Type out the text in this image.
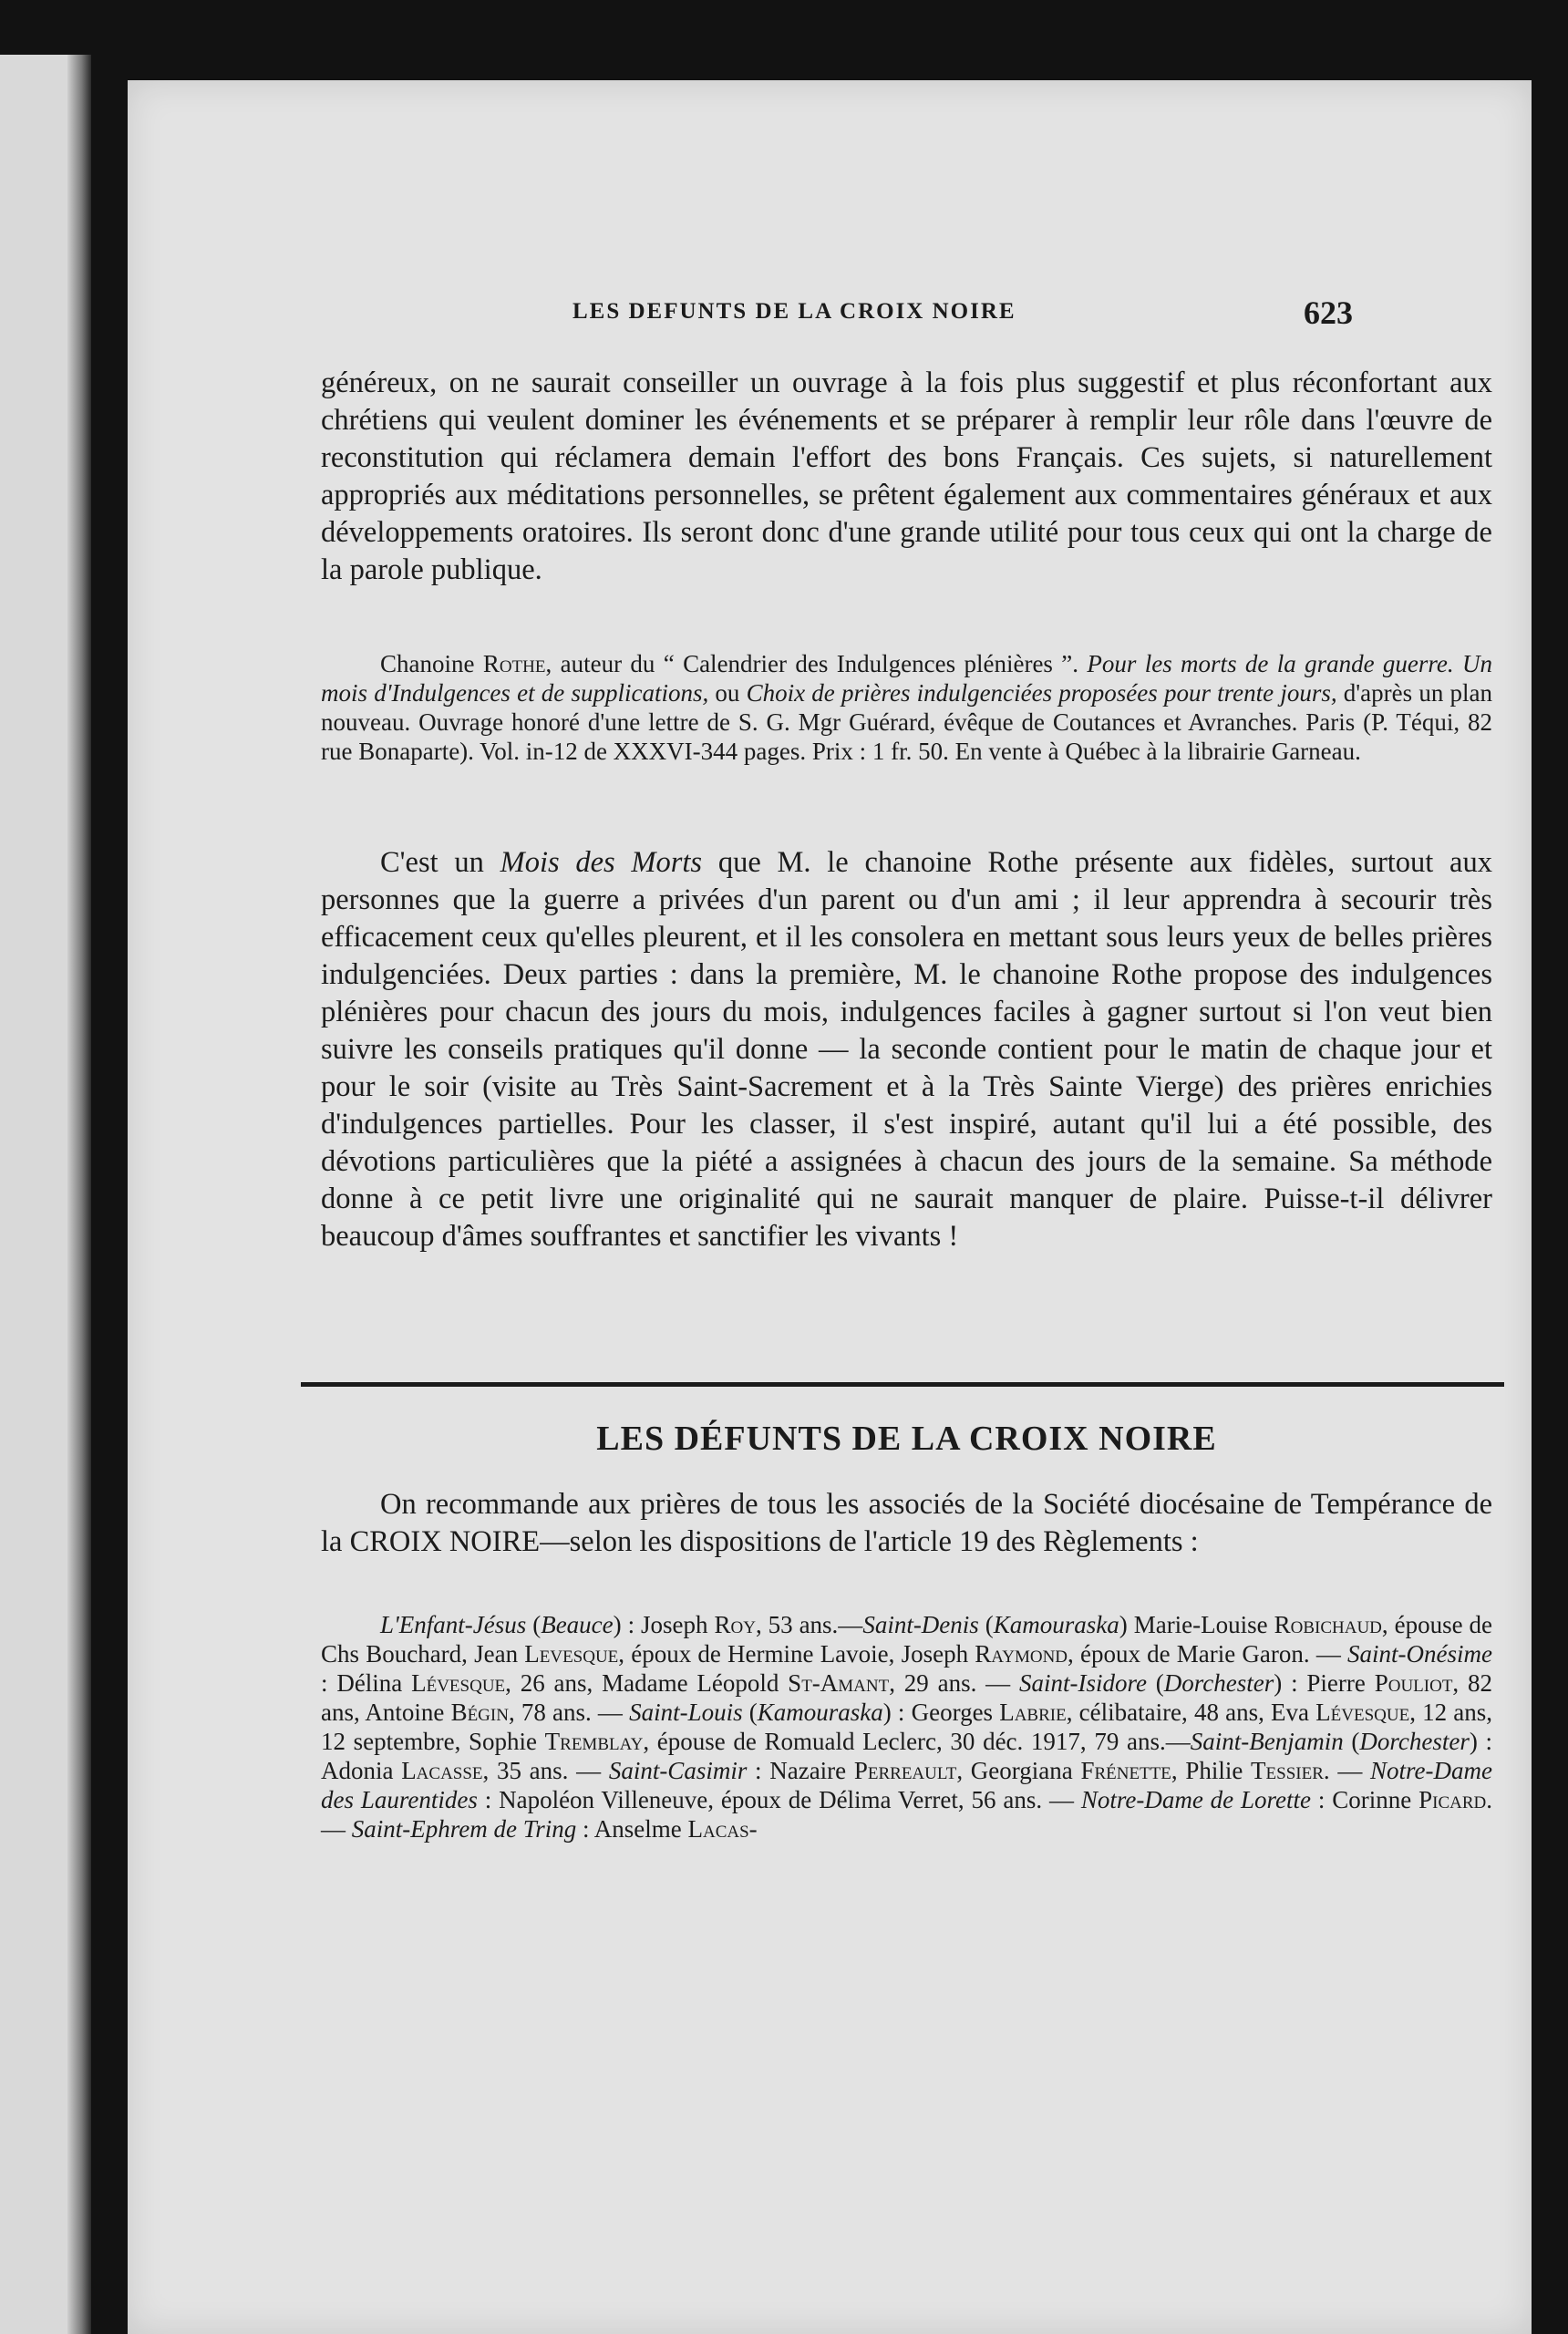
LES DEFUNTS DE LA CROIX NOIRE	623

généreux, on ne saurait conseiller un ouvrage à la fois plus suggestif et plus réconfortant aux chrétiens qui veulent dominer les événements et se préparer à remplir leur rôle dans l'œuvre de reconstitution qui réclamera demain l'effort des bons Français. Ces sujets, si naturellement appropriés aux méditations personnelles, se prêtent également aux commentaires généraux et aux développements oratoires. Ils seront donc d'une grande utilité pour tous ceux qui ont la charge de la parole publique.

Chanoine Rothe, auteur du “ Calendrier des Indulgences plénières ”. Pour les morts de la grande guerre. Un mois d'Indulgences et de supplications, ou Choix de prières indulgenciées proposées pour trente jours, d'après un plan nouveau. Ouvrage honoré d'une lettre de S. G. Mgr Guérard, évêque de Coutances et Avranches. Paris (P. Téqui, 82 rue Bonaparte). Vol. in-12 de XXXVI-344 pages. Prix : 1 fr. 50. En vente à Québec à la librairie Garneau.

C'est un Mois des Morts que M. le chanoine Rothe présente aux fidèles, surtout aux personnes que la guerre a privées d'un parent ou d'un ami ; il leur apprendra à secourir très efficacement ceux qu'elles pleurent, et il les consolera en mettant sous leurs yeux de belles prières indulgenciées. Deux parties : dans la première, M. le chanoine Rothe propose des indulgences plénières pour chacun des jours du mois, indulgences faciles à gagner surtout si l'on veut bien suivre les conseils pratiques qu'il donne — la seconde contient pour le matin de chaque jour et pour le soir (visite au Très Saint-Sacrement et à la Très Sainte Vierge) des prières enrichies d'indulgences partielles. Pour les classer, il s'est inspiré, autant qu'il lui a été possible, des dévotions particulières que la piété a assignées à chacun des jours de la semaine. Sa méthode donne à ce petit livre une originalité qui ne saurait manquer de plaire. Puisse-t-il délivrer beaucoup d'âmes souffrantes et sanctifier les vivants !

LES DÉFUNTS DE LA CROIX NOIRE

On recommande aux prières de tous les associés de la Société diocésaine de Tempérance de la CROIX NOIRE—selon les dispositions de l'article 19 des Règlements :

L'Enfant-Jésus (Beauce) : Joseph Roy, 53 ans.—Saint-Denis (Kamouraska) Marie-Louise Robichaud, épouse de Chs Bouchard, Jean Levesque, époux de Hermine Lavoie, Joseph Raymond, époux de Marie Garon. — Saint-Onésime : Délina Lévesque, 26 ans, Madame Léopold St-Amant, 29 ans. — Saint-Isidore (Dorchester) : Pierre Pouliot, 82 ans, Antoine Bégin, 78 ans. — Saint-Louis (Kamouraska) : Georges Labrie, célibataire, 48 ans, Eva Lévesque, 12 ans, 12 septembre, Sophie Tremblay, épouse de Romuald Leclerc, 30 déc. 1917, 79 ans.—Saint-Benjamin (Dorchester) : Adonia Lacasse, 35 ans. — Saint-Casimir : Nazaire Perreault, Georgiana Frénette, Philie Tessier. — Notre-Dame des Laurentides : Napoléon Villeneuve, époux de Délima Verret, 56 ans. — Notre-Dame de Lorette : Corinne Picard.— Saint-Ephrem de Tring : Anselme Lacas-
